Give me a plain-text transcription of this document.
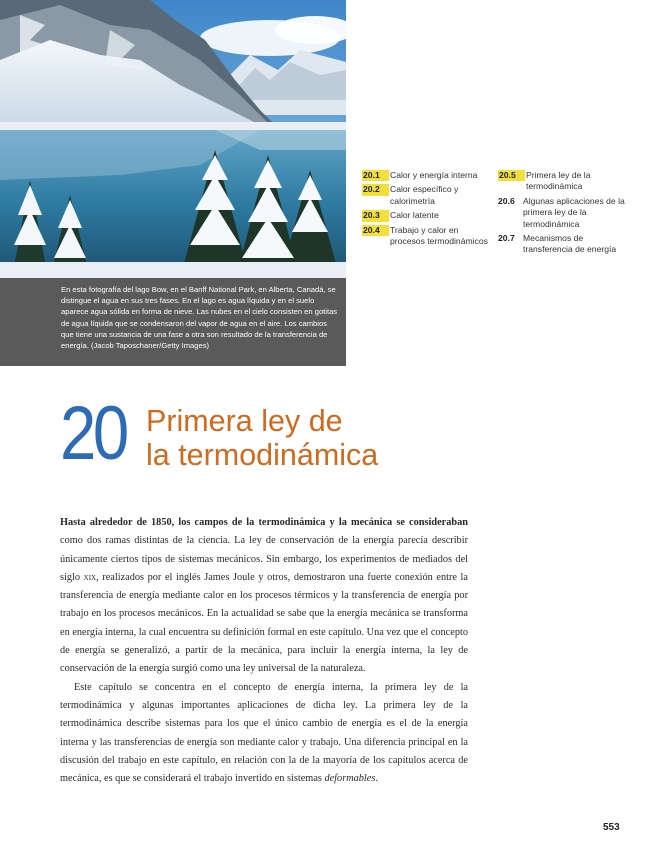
En esta fotografía del lago Bow, en el Banff National Park, en Alberta, Canadá, se distingue el agua en sus tres fases. En el lago es agua líquida y en el suelo aparece agua sólida en forma de nieve. Las nubes en el cielo consisten en gotitas de agua líquida que se condensaron del vapor de agua en el aire. Los cambios que tiene una sustancia de una fase a otra son resultado de la transferencia de energía. (Jacob Taposchaner/Getty Images)
20.1	Calor y energía interna
20.2	Calor específico y calorimetría
20.3	Calor latente
20.4	Trabajo y calor en procesos termodinámicos
20.5	Primera ley de la termodinámica
20.6 Algunas aplicaciones de la primera ley de la termodinámica
20.7 Mecanismos de transferencia de energía
20 Primera ley de
la termodinámica

Hasta alrededor de 1850, los campos de la termodinámica y la mecánica se consideraban como dos ramas distintas de la ciencia. La ley de conservación de la energía parecía describir únicamente ciertos tipos de sistemas mecánicos. Sin embargo, los experimentos de mediados del siglo xix, realizados por el inglés James Joule y otros, demostraron una fuerte conexión entre la transferencia de energía mediante calor en los procesos térmicos y la transferencia de energía por trabajo en los procesos mecánicos. En la actualidad se sabe que la energía mecánica se transforma en energía interna, la cual encuentra su definición formal en este capítulo. Una vez que el concepto de energía se generalizó, a partir de la mecánica, para incluir la energía interna, la ley de conservación de la energía surgió como una ley universal de la naturaleza.

Este capítulo se concentra en el concepto de energía interna, la primera ley de la termodinámica y algunas importantes aplicaciones de dicha ley. La primera ley de la termodinámica describe sistemas para los que el único cambio de energía es el de la energía interna y las transferencias de energía son mediante calor y trabajo. Una diferencia principal en la discusión del trabajo en este capítulo, en relación con la de la mayoría de los capítulos acerca de mecánica, es que se considerará el trabajo invertido en sistemas deformables.

553
